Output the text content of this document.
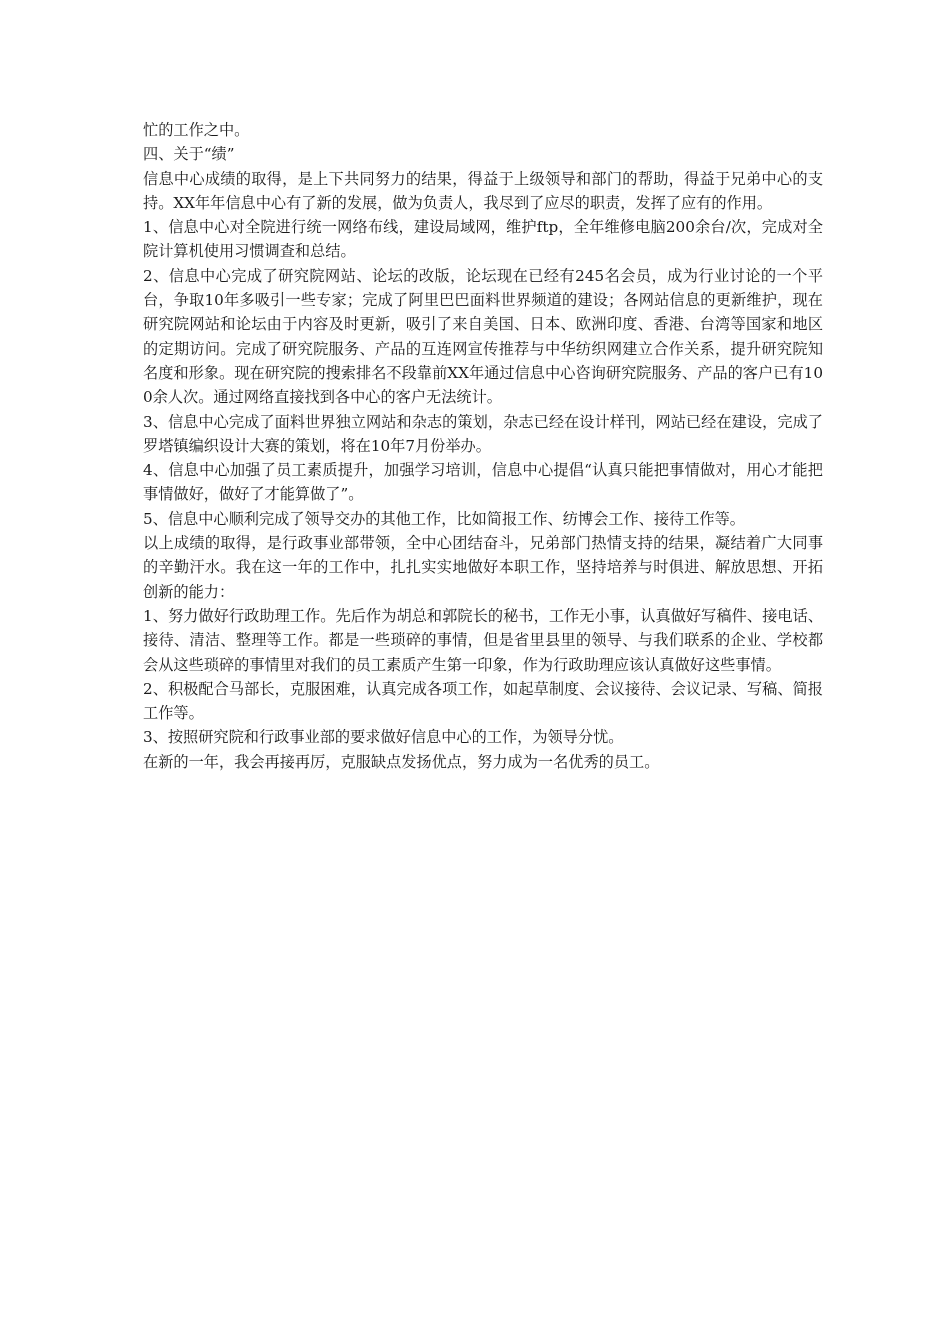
忙的工作之中。

四、关于“绩”

信息中心成绩的取得，是上下共同努力的结果，得益于上级领导和部门的帮助，得益于兄弟中心的支持。XX年年信息中心有了新的发展，做为负责人，我尽到了应尽的职责，发挥了应有的作用。

1、信息中心对全院进行统一网络布线，建设局域网，维护ftp，全年维修电脑200余台/次，完成对全院计算机使用习惯调查和总结。

2、信息中心完成了研究院网站、论坛的改版，论坛现在已经有245名会员，成为行业讨论的一个平台，争取10年多吸引一些专家；完成了阿里巴巴面料世界频道的建设；各网站信息的更新维护，现在研究院网站和论坛由于内容及时更新，吸引了来自美国、日本、欧洲印度、香港、台湾等国家和地区的定期访问。完成了研究院服务、产品的互连网宣传推荐与中华纺织网建立合作关系，提升研究院知名度和形象。现在研究院的搜索排名不段靠前XX年通过信息中心咨询研究院服务、产品的客户已有100余人次。通过网络直接找到各中心的客户无法统计。

3、信息中心完成了面料世界独立网站和杂志的策划，杂志已经在设计样刊，网站已经在建设，完成了罗塔镇编织设计大赛的策划，将在10年7月份举办。

4、信息中心加强了员工素质提升，加强学习培训，信息中心提倡“认真只能把事情做对，用心才能把事情做好，做好了才能算做了”。

5、信息中心顺利完成了领导交办的其他工作，比如简报工作、纺博会工作、接待工作等。

以上成绩的取得，是行政事业部带领，全中心团结奋斗，兄弟部门热情支持的结果，凝结着广大同事的辛勤汗水。我在这一年的工作中，扎扎实实地做好本职工作，坚持培养与时俱进、解放思想、开拓创新的能力：

1、努力做好行政助理工作。先后作为胡总和郭院长的秘书，工作无小事，认真做好写稿件、接电话、接待、清洁、整理等工作。都是一些琐碎的事情，但是省里县里的领导、与我们联系的企业、学校都会从这些琐碎的事情里对我们的员工素质产生第一印象，作为行政助理应该认真做好这些事情。

2、积极配合马部长，克服困难，认真完成各项工作，如起草制度、会议接待、会议记录、写稿、简报工作等。

3、按照研究院和行政事业部的要求做好信息中心的工作，为领导分忧。

在新的一年，我会再接再厉，克服缺点发扬优点，努力成为一名优秀的员工。
